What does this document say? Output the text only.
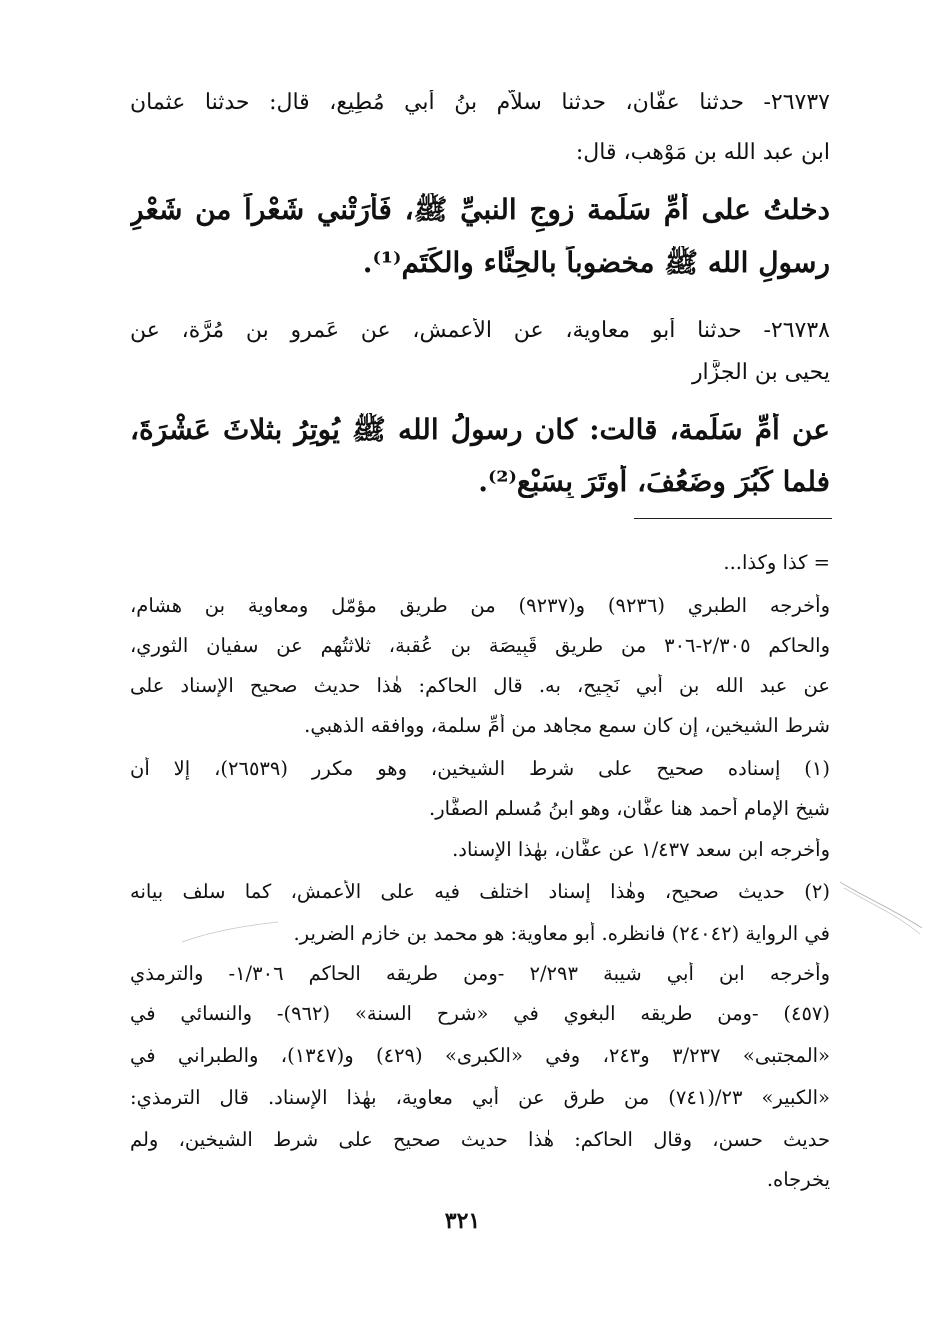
٢٦٧٣٧- حدثنا عفَّان، حدثنا سلاَّم بنُ أبي مُطِيع، قال: حدثنا عثمان
ابن عبد الله بن مَوْهب، قال:
دخلتُ على أمِّ سَلَمة زوجِ النبيِّ ﷺ، فَأَرَتْني شَعْراً من شَعْرِ
رسولِ الله ﷺ مخضوباً بالحِنَّاء والكَتَم⁽¹⁾.
٢٦٧٣٨- حدثنا أبو معاوية، عن الأعمش، عن عَمرو بن مُرَّة، عن
يحيى بن الجزَّار
عن أمِّ سَلَمة، قالت: كان رسولُ الله ﷺ يُوتِرُ بثلاثَ عَشْرَةَ،
فلما كَبُرَ وضَعُفَ، أوتَرَ بِسَبْعٍ⁽²⁾.
= كذا وكذا...
وأخرجه الطبري (٩٢٣٦) و(٩٢٣٧) من طريق مؤمّل ومعاوية بن هشام،
والحاكم ٢/٣٠٥-٣٠٦ من طريق قَبِيصَة بن عُقبة، ثلاثتُهم عن سفيان الثوري،
عن عبد الله بن أبي نَجِيح، به. قال الحاكم: هٰذا حديث صحيح الإسناد على
شرط الشيخين، إن كان سمع مجاهد من أمِّ سلمة، ووافقه الذهبي.
(١) إسناده صحيح على شرط الشيخين، وهو مكرر (٢٦٥٣٩)، إلا أن
شيخ الإمام أحمد هنا عفَّان، وهو ابنُ مُسلم الصفَّار.
وأخرجه ابن سعد ١/٤٣٧ عن عفَّان، بهٰذا الإسناد.
(٢) حديث صحيح، وهٰذا إسناد اختلف فيه على الأعمش، كما سلف بيانه
في الرواية (٢٤٠٤٢) فانظره. أبو معاوية: هو محمد بن خازم الضرير.
وأخرجه ابن أبي شيبة ٢/٢٩٣ -ومن طريقه الحاكم ١/٣٠٦- والترمذي
(٤٥٧) -ومن طريقه البغوي في «شرح السنة» (٩٦٢)- والنسائي في
«المجتبى» ٣/٢٣٧ و٢٤٣، وفي «الكبرى» (٤٢٩) و(١٣٤٧)، والطبراني في
«الكبير» ٢٣/(٧٤١) من طرق عن أبي معاوية، بهٰذا الإسناد. قال الترمذي:
حديث حسن، وقال الحاكم: هٰذا حديث صحيح على شرط الشيخين، ولم
يخرجاه.
٣٢١
